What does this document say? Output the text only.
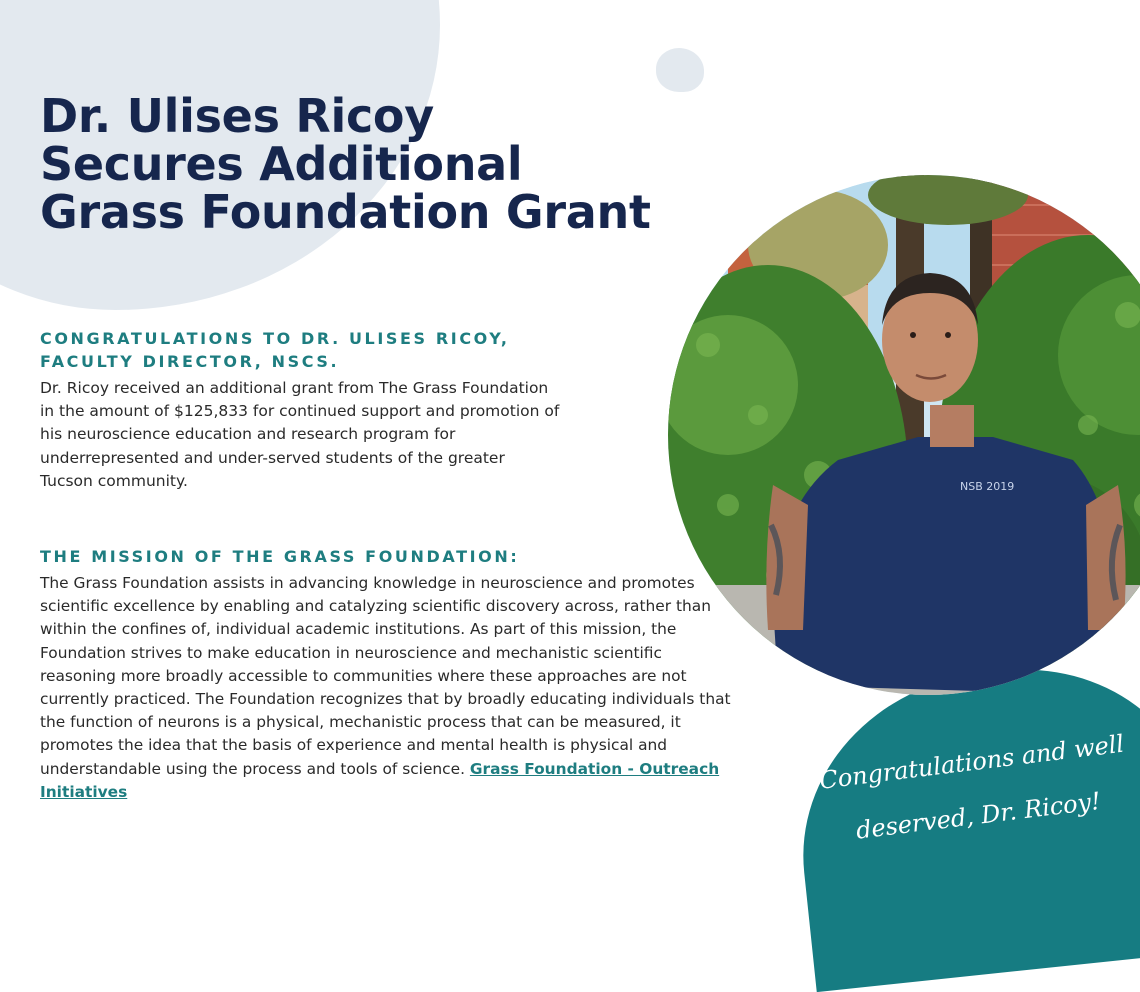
Dr. Ulises Ricoy
Secures Additional
Grass Foundation Grant
CONGRATULATIONS TO DR. ULISES RICOY,
FACULTY DIRECTOR, NSCS.

Dr. Ricoy received an additional grant from The Grass Foundation in the amount of $125,833 for continued support and promotion of his neuroscience education and research program for underrepresented and under-served students of the greater Tucson community.

THE MISSION OF THE GRASS FOUNDATION:

The Grass Foundation assists in advancing knowledge in neuroscience and promotes scientific excellence by enabling and catalyzing scientific discovery across, rather than within the confines of, individual academic institutions. As part of this mission, the Foundation strives to make education in neuroscience and mechanistic scientific reasoning more broadly accessible to communities where these approaches are not currently practiced. The Foundation recognizes that by broadly educating individuals that the function of neurons is a physical, mechanistic process that can be measured, it promotes the idea that the basis of experience and mental health is physical and understandable using the process and tools of science. Grass Foundation - Outreach Initiatives

NSB 2019

Congratulations and well
deserved, Dr. Ricoy!
